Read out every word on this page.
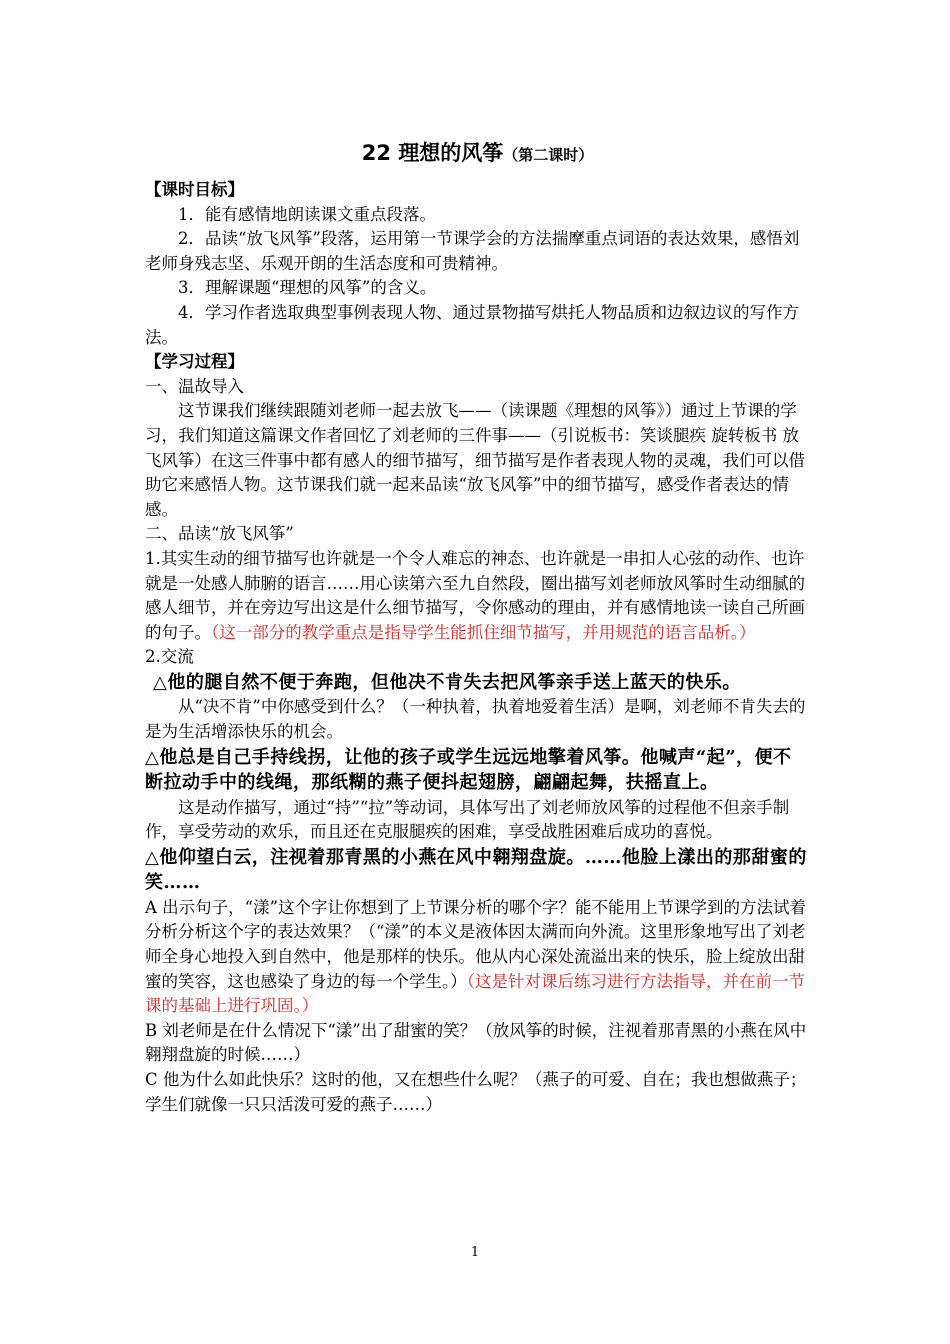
22 理想的风筝（第二课时）

【课时目标】

1．能有感情地朗读课文重点段落。

2．品读“放飞风筝”段落，运用第一节课学会的方法揣摩重点词语的表达效果，感悟刘老师身残志坚、乐观开朗的生活态度和可贵精神。

3．理解课题“理想的风筝”的含义。

4．学习作者选取典型事例表现人物、通过景物描写烘托人物品质和边叙边议的写作方法。

【学习过程】

一、温故导入

这节课我们继续跟随刘老师一起去放飞——（读课题《理想的风筝》）通过上节课的学习，我们知道这篇课文作者回忆了刘老师的三件事——（引说板书：笑谈腿疾 旋转板书 放飞风筝）在这三件事中都有感人的细节描写，细节描写是作者表现人物的灵魂，我们可以借助它来感悟人物。这节课我们就一起来品读“放飞风筝”中的细节描写，感受作者表达的情感。

二、品读“放飞风筝”

1.其实生动的细节描写也许就是一个令人难忘的神态、也许就是一串扣人心弦的动作、也许就是一处感人肺腑的语言……用心读第六至九自然段，圈出描写刘老师放风筝时生动细腻的感人细节，并在旁边写出这是什么细节描写，令你感动的理由，并有感情地读一读自己所画的句子。（这一部分的教学重点是指导学生能抓住细节描写，并用规范的语言品析。）

2.交流

△他的腿自然不便于奔跑，但他决不肯失去把风筝亲手送上蓝天的快乐。

从“决不肯”中你感受到什么？（一种执着，执着地爱着生活）是啊，刘老师不肯失去的是为生活增添快乐的机会。

△他总是自己手持线拐，让他的孩子或学生远远地擎着风筝。他喊声“起”，便不断拉动手中的线绳，那纸糊的燕子便抖起翅膀，翩翩起舞，扶摇直上。

这是动作描写，通过“持”“拉”等动词，具体写出了刘老师放风筝的过程他不但亲手制作，享受劳动的欢乐，而且还在克服腿疾的困难，享受战胜困难后成功的喜悦。

△他仰望白云，注视着那青黑的小燕在风中翱翔盘旋。……他脸上漾出的那甜蜜的笑……

A 出示句子，“漾”这个字让你想到了上节课分析的哪个字？能不能用上节课学到的方法试着分析分析这个字的表达效果？（“漾”的本义是液体因太满而向外流。这里形象地写出了刘老师全身心地投入到自然中，他是那样的快乐。他从内心深处流溢出来的快乐，脸上绽放出甜蜜的笑容，这也感染了身边的每一个学生。）（这是针对课后练习进行方法指导，并在前一节课的基础上进行巩固。）

B 刘老师是在什么情况下“漾”出了甜蜜的笑？（放风筝的时候，注视着那青黑的小燕在风中翱翔盘旋的时候……）

C 他为什么如此快乐？这时的他，又在想些什么呢？（燕子的可爱、自在；我也想做燕子；学生们就像一只只活泼可爱的燕子……）

1
